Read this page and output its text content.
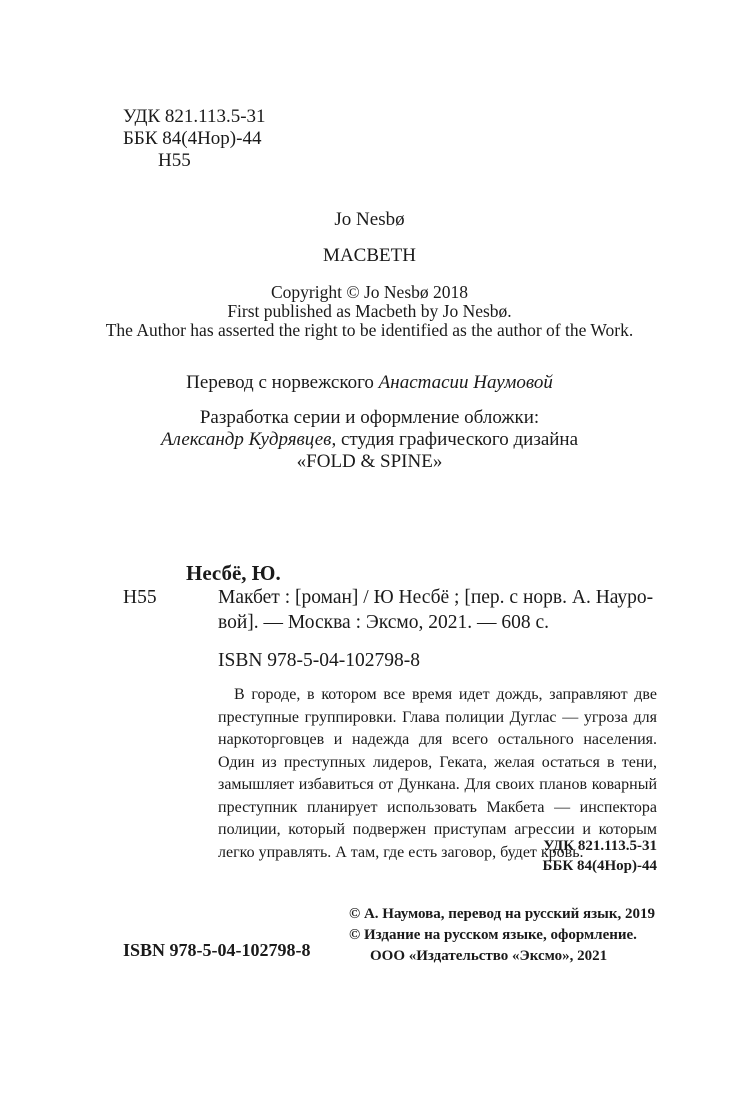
УДК 821.113.5-31
ББК 84(4Нор)-44
Н55
Jo Nesbø
MACBETH
Copyright © Jo Nesbø 2018
First published as Macbeth by Jo Nesbø.
The Author has asserted the right to be identified as the author of the Work.
Перевод с норвежского Анастасии Наумовой
Разработка серии и оформление обложки:
Александр Кудрявцев, студия графического дизайна
«FOLD & SPINE»
Несбё, Ю.
Н55	Макбет : [роман] / Ю Несбё ; [пер. с норв. А. Науро-
вой]. — Москва : Эксмо, 2021. — 608 с.
ISBN 978-5-04-102798-8
В городе, в котором все время идет дождь, заправляют две преступные группировки. Глава полиции Дуглас — угроза для наркоторговцев и надежда для всего остального населения. Один из преступных лидеров, Геката, желая остаться в тени, замышляет избавиться от Дункана. Для своих планов коварный преступник планирует использовать Макбета — инспектора полиции, который подвержен приступам агрессии и которым легко управлять. А там, где есть заговор, будет кровь.
УДК 821.113.5-31
ББК 84(4Нор)-44
© А. Наумова, перевод на русский язык, 2019
© Издание на русском языке, оформление.
ООО «Издательство «Эксмо», 2021
ISBN 978-5-04-102798-8
